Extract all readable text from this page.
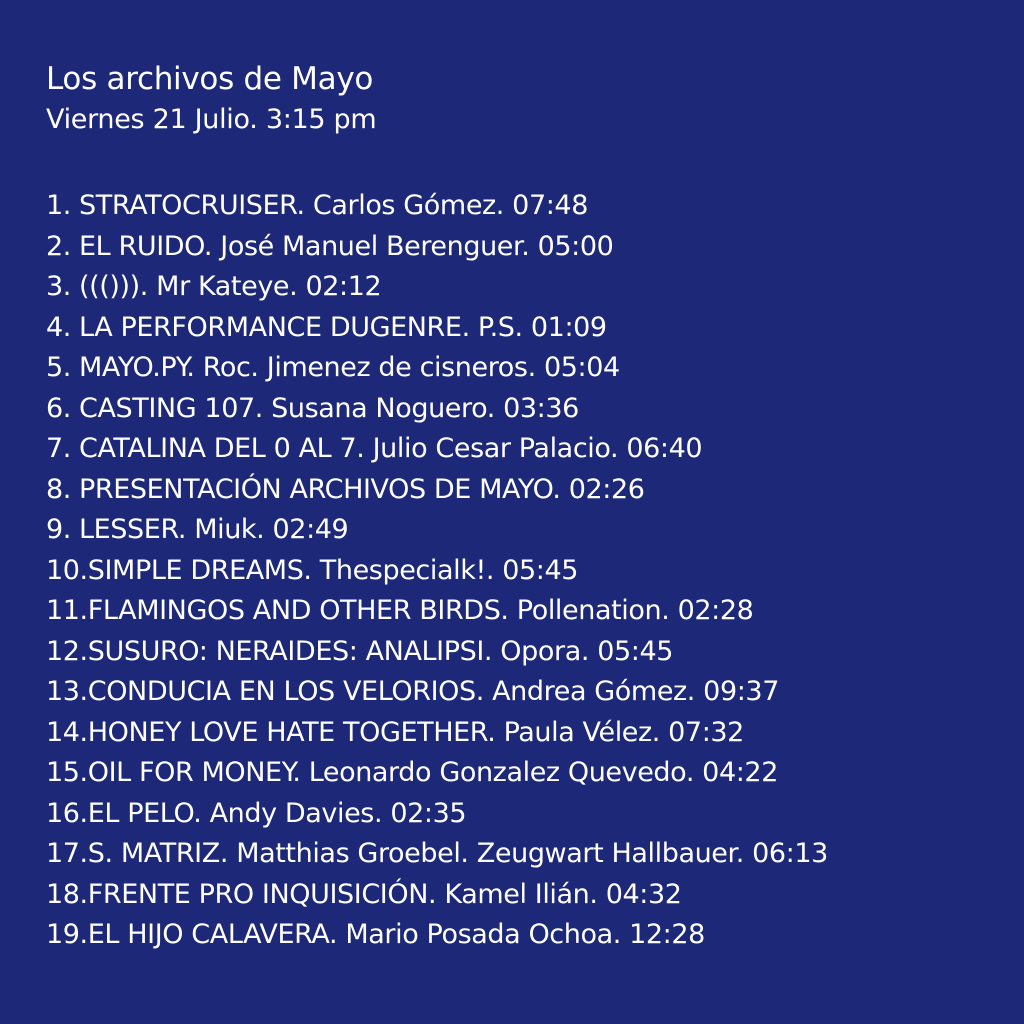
Los archivos de Mayo
Viernes 21 Julio. 3:15 pm
1. STRATOCRUISER. Carlos Gómez. 07:48
2. EL RUIDO. José Manuel Berenguer. 05:00
3. ((())). Mr Kateye. 02:12
4. LA PERFORMANCE DUGENRE. P.S. 01:09
5. MAYO.PY. Roc. Jimenez de cisneros. 05:04
6. CASTING 107. Susana Noguero. 03:36
7. CATALINA DEL 0 AL 7. Julio Cesar Palacio. 06:40
8. PRESENTACIÓN ARCHIVOS DE MAYO. 02:26
9. LESSER. Miuk. 02:49
10.SIMPLE DREAMS. Thespecialk!. 05:45
11.FLAMINGOS AND OTHER BIRDS. Pollenation. 02:28
12.SUSURO: NERAIDES: ANALIPSI. Opora. 05:45
13.CONDUCIA EN LOS VELORIOS. Andrea Gómez. 09:37
14.HONEY LOVE HATE TOGETHER. Paula Vélez. 07:32
15.OIL FOR MONEY. Leonardo Gonzalez Quevedo. 04:22
16.EL PELO. Andy Davies. 02:35
17.S. MATRIZ. Matthias Groebel. Zeugwart Hallbauer. 06:13
18.FRENTE PRO INQUISICIÓN. Kamel Ilián. 04:32
19.EL HIJO CALAVERA. Mario Posada Ochoa. 12:28
